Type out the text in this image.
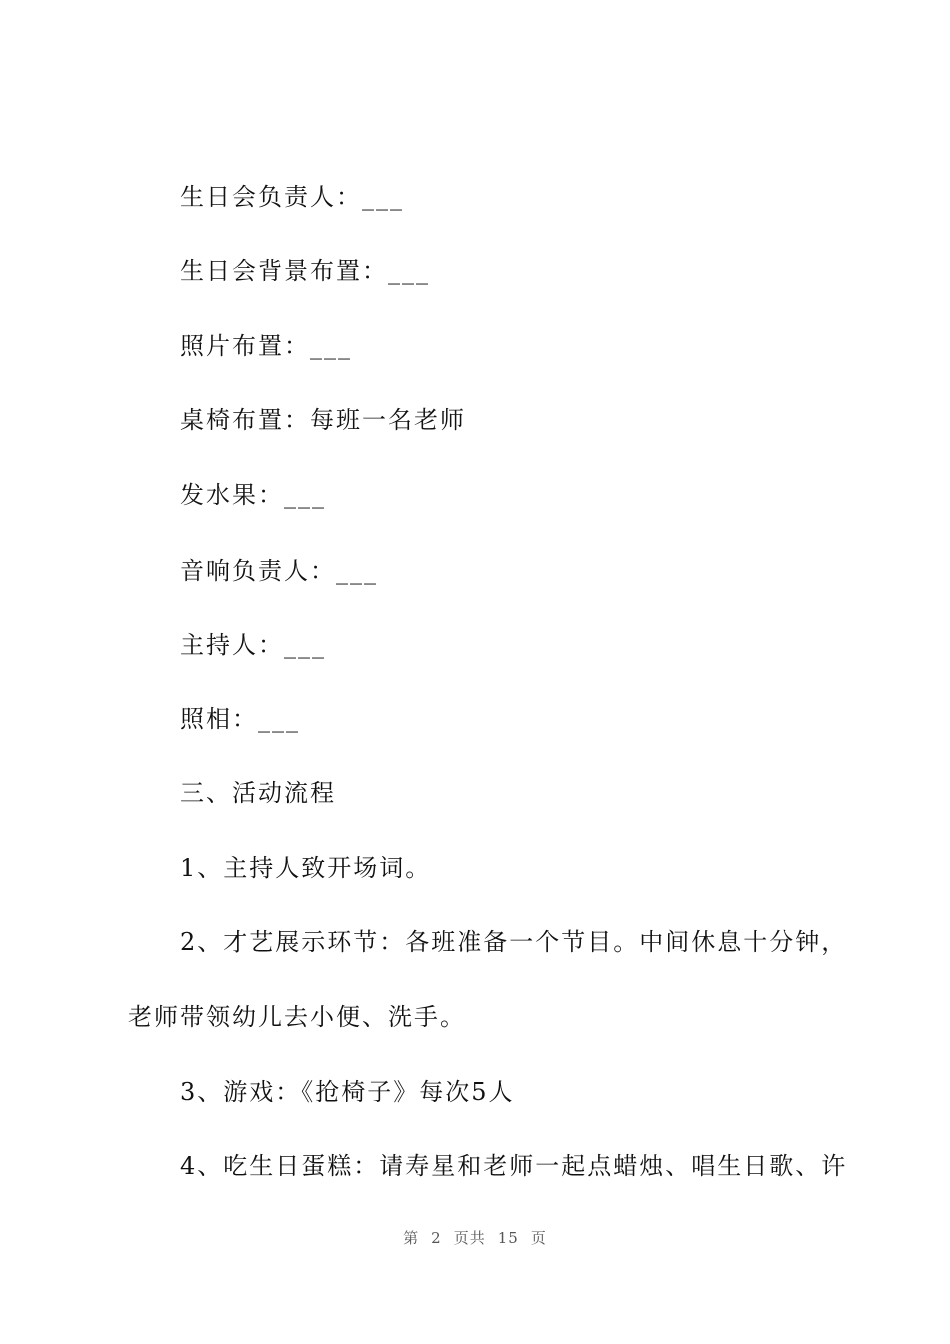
生日会负责人：___
生日会背景布置：___
照片布置：___
桌椅布置：每班一名老师
发水果：___
音响负责人：___
主持人：___
照相：___
三、活动流程
1、主持人致开场词。
2、才艺展示环节：各班准备一个节目。中间休息十分钟，
老师带领幼儿去小便、洗手。
3、游戏：《抢椅子》每次5人
4、吃生日蛋糕：请寿星和老师一起点蜡烛、唱生日歌、许
第 2 页共 15 页
